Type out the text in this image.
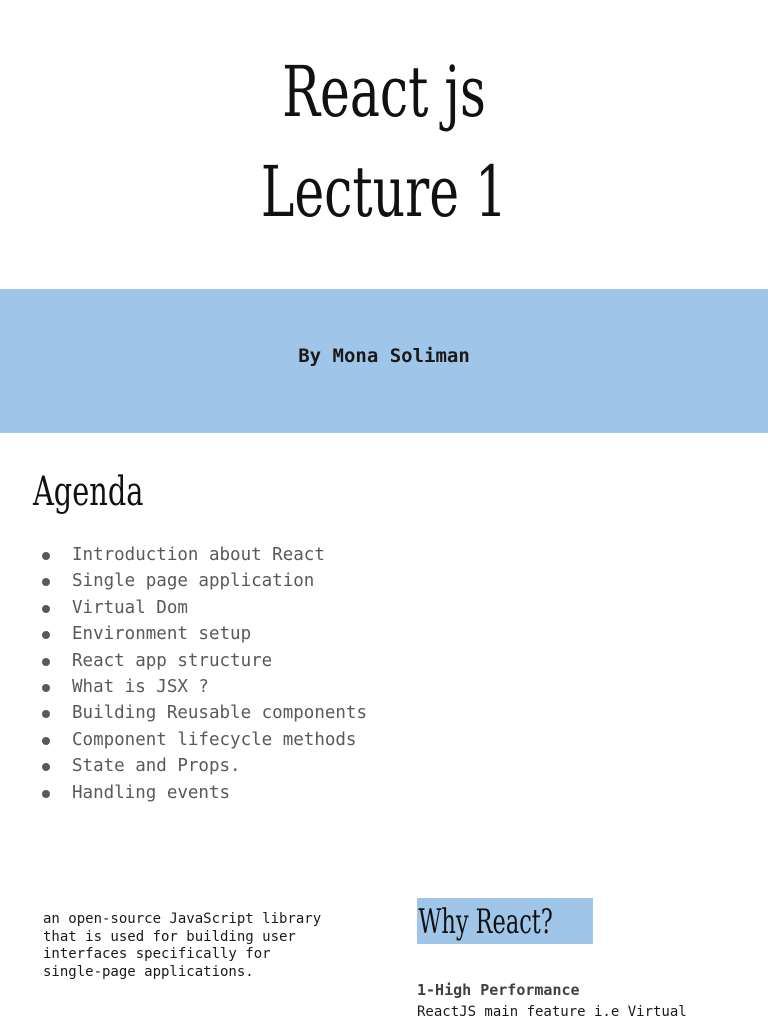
React js
Lecture 1
By Mona Soliman
Agenda
Introduction about React
Single page application
Virtual Dom
Environment setup
React app structure
What is JSX ?
Building Reusable components
Component lifecycle methods
State and Props.
Handling events
an open-source JavaScript library
that is used for building user
interfaces specifically for
single-page applications.
Why React?
1-High Performance
ReactJS main feature i.e Virtual
